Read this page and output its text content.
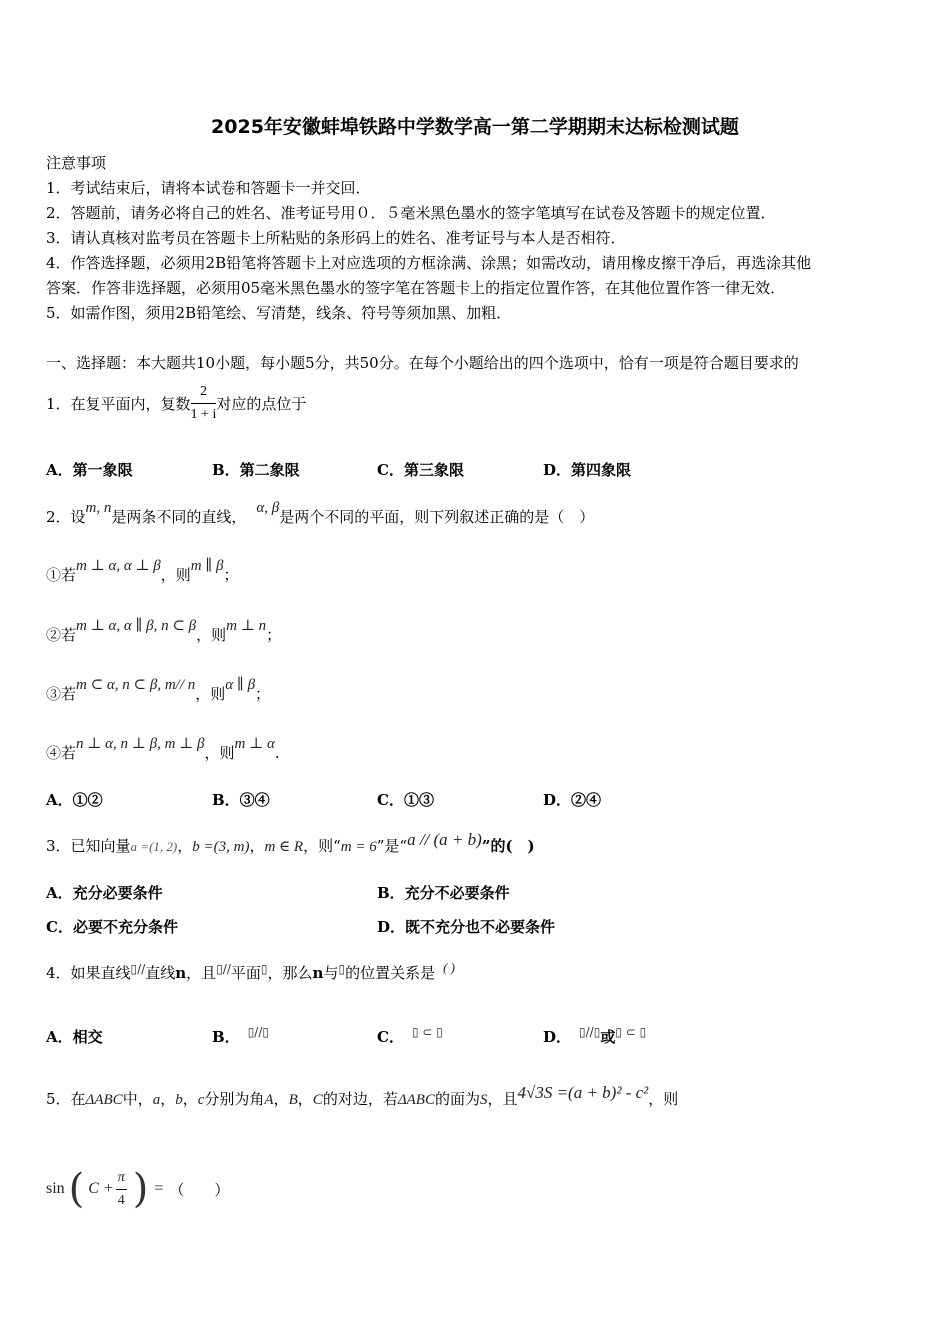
2025年安徽蚌埠铁路中学数学高一第二学期期末达标检测试题
注意事项
1．考试结束后，请将本试卷和答题卡一并交回．
2．答题前，请务必将自己的姓名、准考证号用０．５毫米黑色墨水的签字笔填写在试卷及答题卡的规定位置．
3．请认真核对监考员在答题卡上所粘贴的条形码上的姓名、准考证号与本人是否相符．
4．作答选择题，必须用2B铅笔将答题卡上对应选项的方框涂满、涂黑；如需改动，请用橡皮擦干净后，再选涂其他
答案．作答非选择题，必须用05毫米黑色墨水的签字笔在答题卡上的指定位置作答，在其他位置作答一律无效．
5．如需作图，须用2B铅笔绘、写清楚，线条、符号等须加黑、加粗．
一、选择题：本大题共10小题，每小题5分，共50分。在每个小题给出的四个选项中，恰有一项是符合题目要求的
1．在复平面内，复数 $\frac{2}{1 + i}$ 对应的点位于
A．第一象限	B．第二象限	C．第三象限	D．第四象限
2．设m, n是两条不同的直线， α, β是两个不同的平面，则下列叙述正确的是（　）
①若m ⊥ α, α ⊥ β，则m ∥ β；
②若m ⊥ α, α ∥ β, n ⊂ β，则m ⊥ n；
③若m ⊂ α, n ⊂ β, m// n，则α ∥ β；
④若n ⊥ α, n ⊥ β, m ⊥ β，则m ⊥ α.
A．①②	B．③④	C．①③	D．②④
3．已知向量a =(1, 2)，b =(3, m)，m ∈ R，则“m = 6”是“a // (a + b)”的(　)
A．充分必要条件	B．充分不必要条件
C．必要不充分条件	D．既不充分也不必要条件
4．如果直线▯//直线n，且▯//平面▯，那么n与▯的位置关系是 ( )
A．相交	B． ▯//▯	C． ▯ ⊂ ▯	D． ▯//▯或▯ ⊂ ▯
5．在ΔABC中，a，b，c分别为角A，B，C的对边，若ΔABC的面为S，且4√3S =(a + b)² - c²，则
sin ( $C + \frac{\pi}{4}$ ) = （　　）
